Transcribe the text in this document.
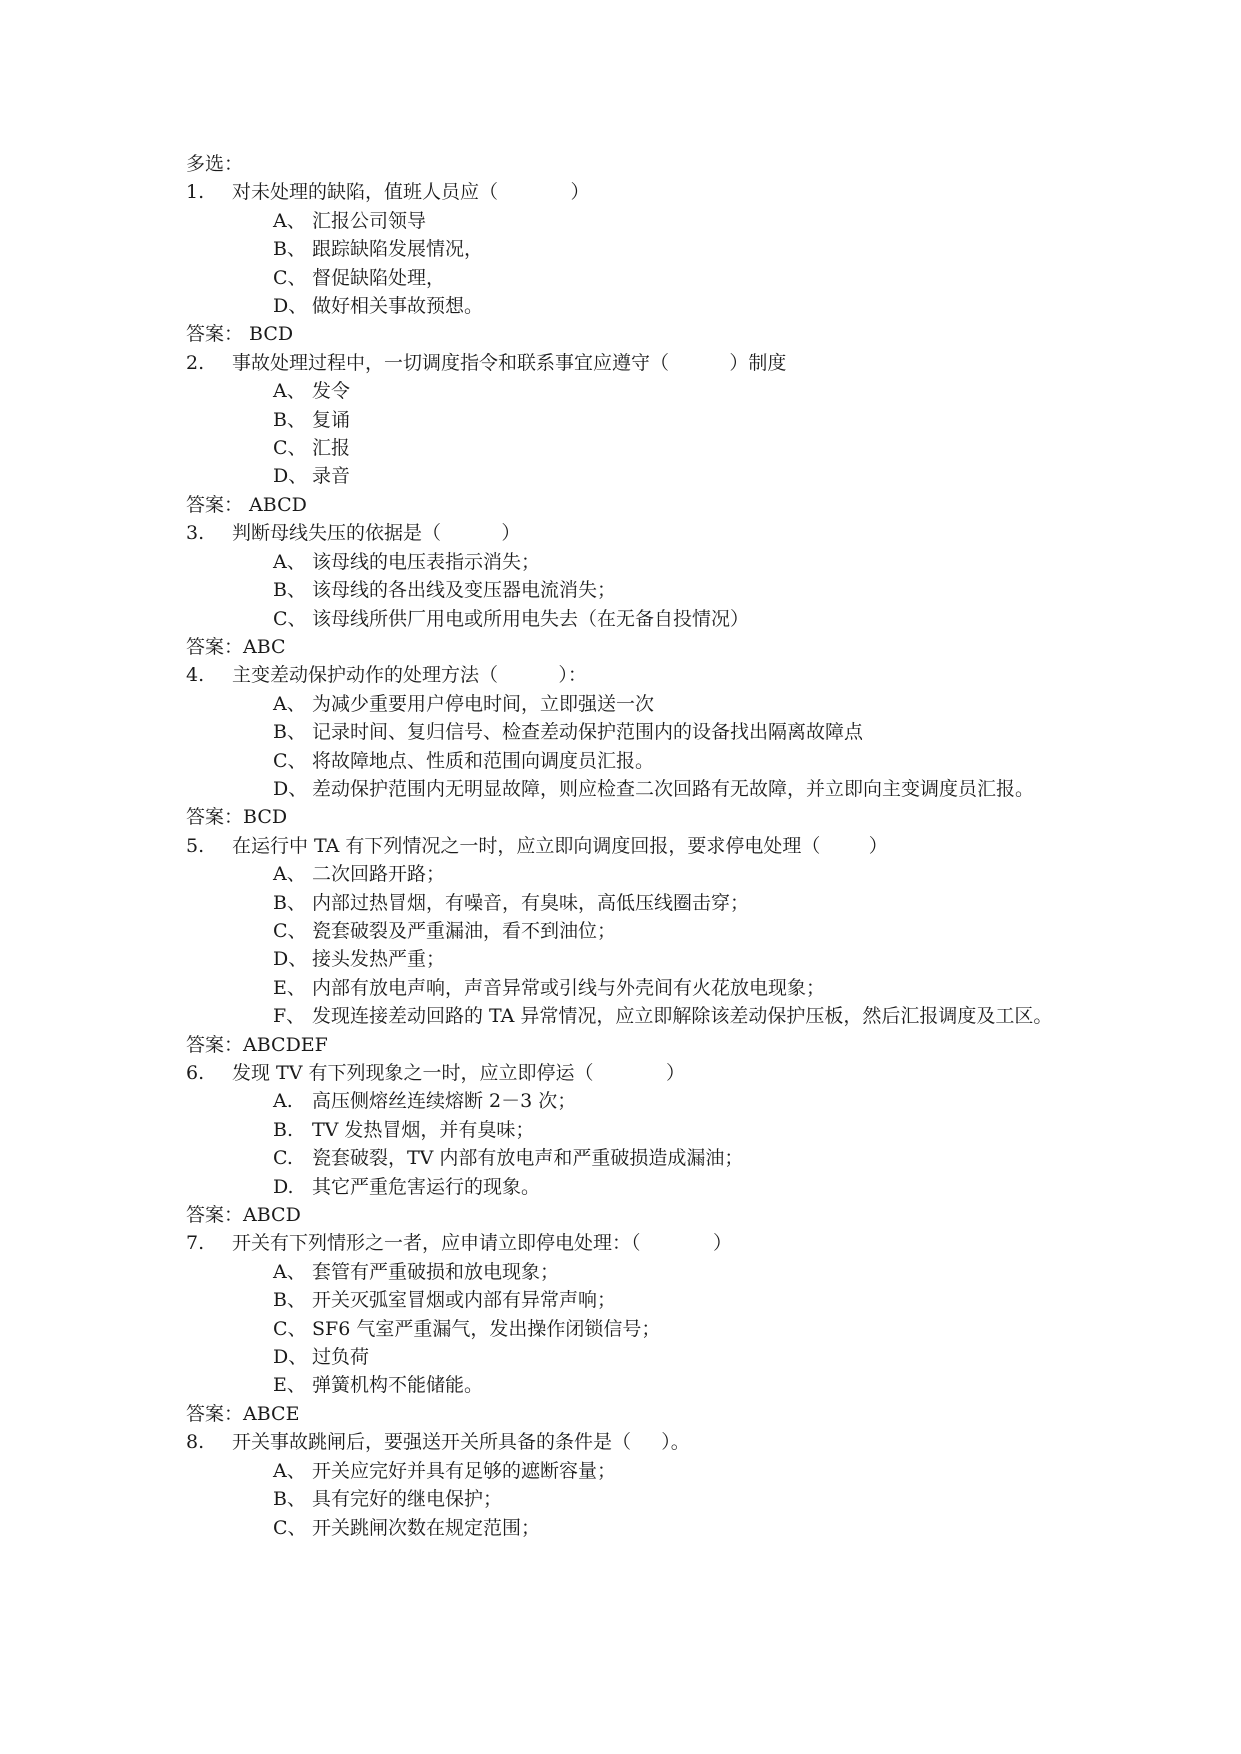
多选：
1.	对未处理的缺陷，值班人员应（            ）
A、 汇报公司领导
B、 跟踪缺陷发展情况，
C、 督促缺陷处理，
D、 做好相关事故预想。
答案： BCD
2.	事故处理过程中，一切调度指令和联系事宜应遵守（          ）制度
A、 发令
B、 复诵
C、 汇报
D、 录音
答案： ABCD
3.	判断母线失压的依据是（          ）
A、 该母线的电压表指示消失；
B、 该母线的各出线及变压器电流消失；
C、 该母线所供厂用电或所用电失去（在无备自投情况）
答案：ABC
4.	主变差动保护动作的处理方法（          ）：
A、 为减少重要用户停电时间，立即强送一次
B、 记录时间、复归信号、检查差动保护范围内的设备找出隔离故障点
C、 将故障地点、性质和范围向调度员汇报。
D、 差动保护范围内无明显故障，则应检查二次回路有无故障，并立即向主变调度员汇报。
答案：BCD
5.	在运行中 TA 有下列情况之一时，应立即向调度回报，要求停电处理（        ）
A、 二次回路开路；
B、 内部过热冒烟，有噪音，有臭味，高低压线圈击穿；
C、 瓷套破裂及严重漏油，看不到油位；
D、 接头发热严重；
E、 内部有放电声响，声音异常或引线与外壳间有火花放电现象；
F、 发现连接差动回路的 TA 异常情况，应立即解除该差动保护压板，然后汇报调度及工区。
答案：ABCDEF
6.	发现 TV 有下列现象之一时，应立即停运（            ）
A.	高压侧熔丝连续熔断 2－3 次；
B. TV 发热冒烟，并有臭味；
C.	瓷套破裂，TV 内部有放电声和严重破损造成漏油；
D. 其它严重危害运行的现象。
答案：ABCD
7.	开关有下列情形之一者，应申请立即停电处理：（            ）
A、 套管有严重破损和放电现象；
B、 开关灭弧室冒烟或内部有异常声响；
C、 SF6 气室严重漏气，发出操作闭锁信号；
D、 过负荷
E、 弹簧机构不能储能。
答案：ABCE
8.	开关事故跳闸后，要强送开关所具备的条件是（     ）。
A、 开关应完好并具有足够的遮断容量；
B、 具有完好的继电保护；
C、 开关跳闸次数在规定范围；
